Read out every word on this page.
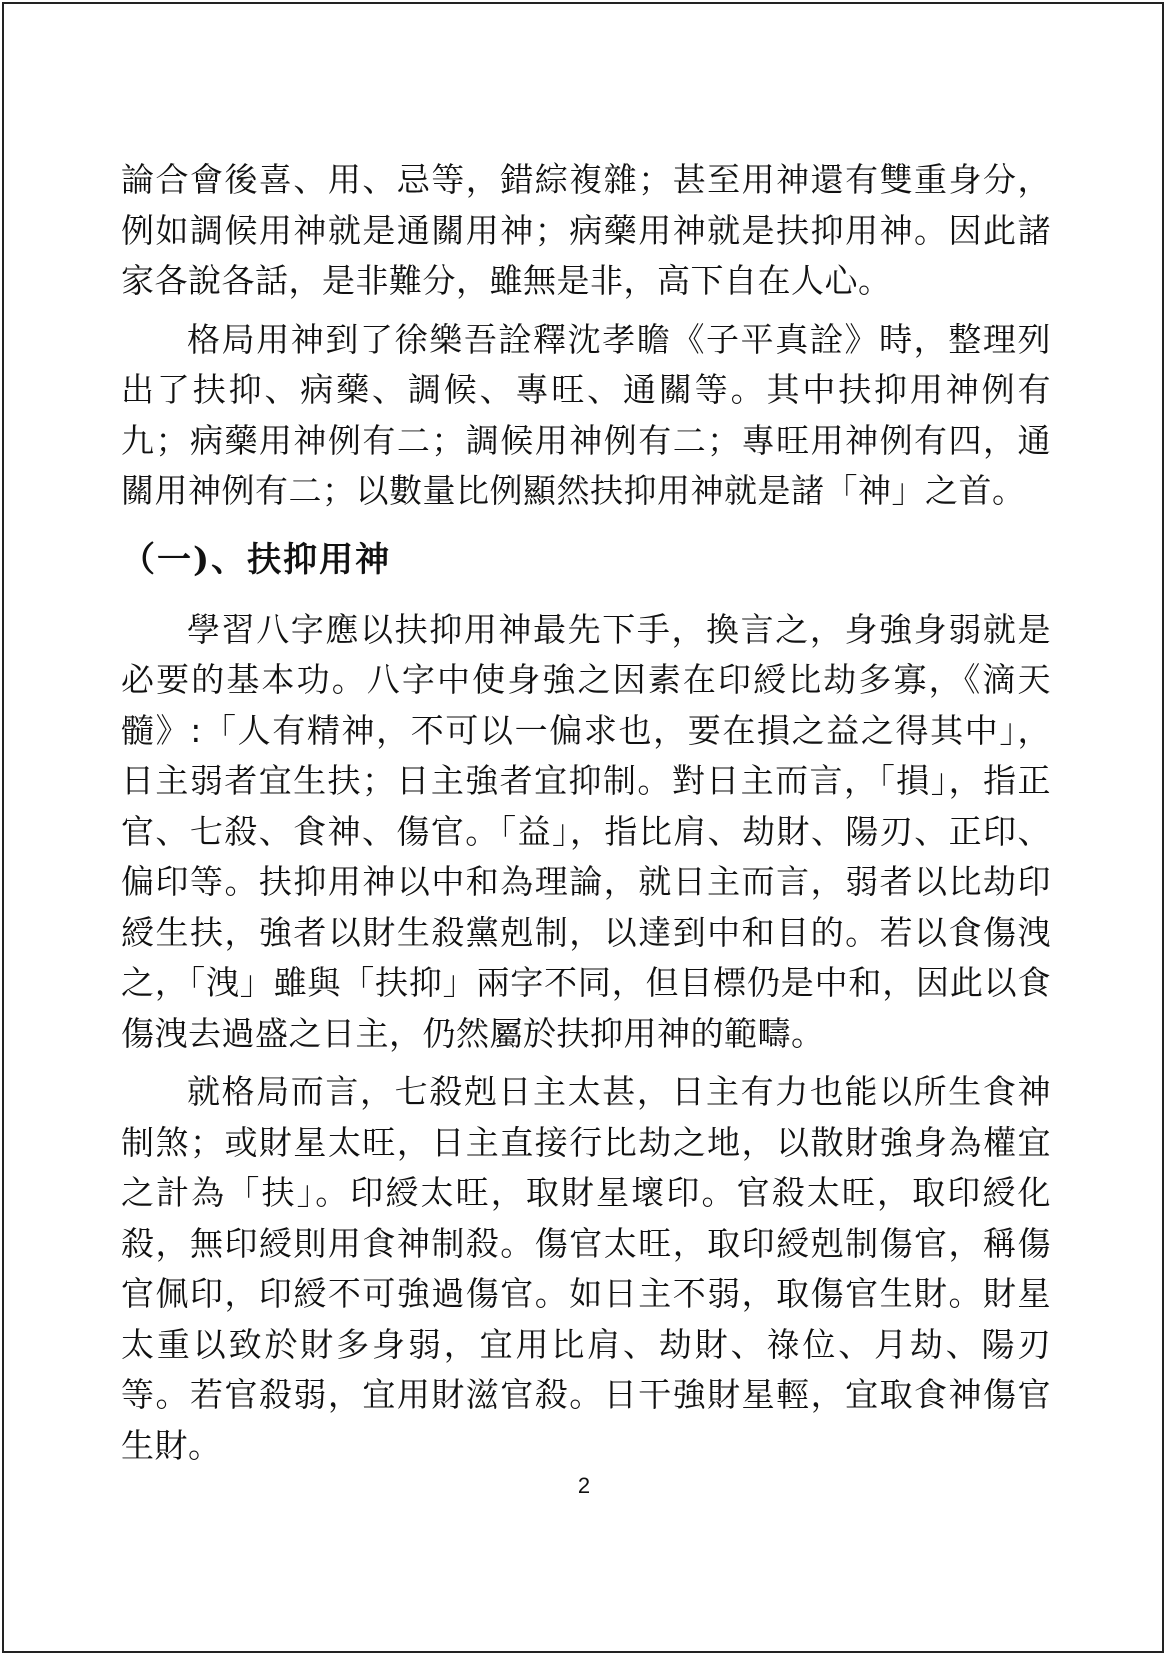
論合會後喜、用、忌等，錯綜複雜；甚至用神還有雙重身分，例如調候用神就是通關用神；病藥用神就是扶抑用神。因此諸家各說各話，是非難分，雖無是非，高下自在人心。

格局用神到了徐樂吾詮釋沈孝瞻《子平真詮》時，整理列出了扶抑、病藥、調候、專旺、通關等。其中扶抑用神例有九；病藥用神例有二；調候用神例有二；專旺用神例有四，通關用神例有二；以數量比例顯然扶抑用神就是諸「神」之首。

（一)、扶抑用神

學習八字應以扶抑用神最先下手，換言之，身強身弱就是必要的基本功。八字中使身強之因素在印綬比劫多寡，《滴天髓》:「人有精神，不可以一偏求也，要在損之益之得其中」，日主弱者宜生扶；日主強者宜抑制。對日主而言，「損」，指正官、七殺、食神、傷官。「益」，指比肩、劫財、陽刃、正印、偏印等。扶抑用神以中和為理論，就日主而言，弱者以比劫印綬生扶，強者以財生殺黨剋制，以達到中和目的。若以食傷洩之，「洩」雖與「扶抑」兩字不同，但目標仍是中和，因此以食傷洩去過盛之日主，仍然屬於扶抑用神的範疇。

就格局而言，七殺剋日主太甚，日主有力也能以所生食神制煞；或財星太旺，日主直接行比劫之地，以散財強身為權宜之計為「扶」。印綬太旺，取財星壞印。官殺太旺，取印綬化殺，無印綬則用食神制殺。傷官太旺，取印綬剋制傷官，稱傷官佩印，印綬不可強過傷官。如日主不弱，取傷官生財。財星太重以致於財多身弱，宜用比肩、劫財、祿位、月劫、陽刃等。若官殺弱，宜用財滋官殺。日干強財星輕，宜取食神傷官生財。

2
